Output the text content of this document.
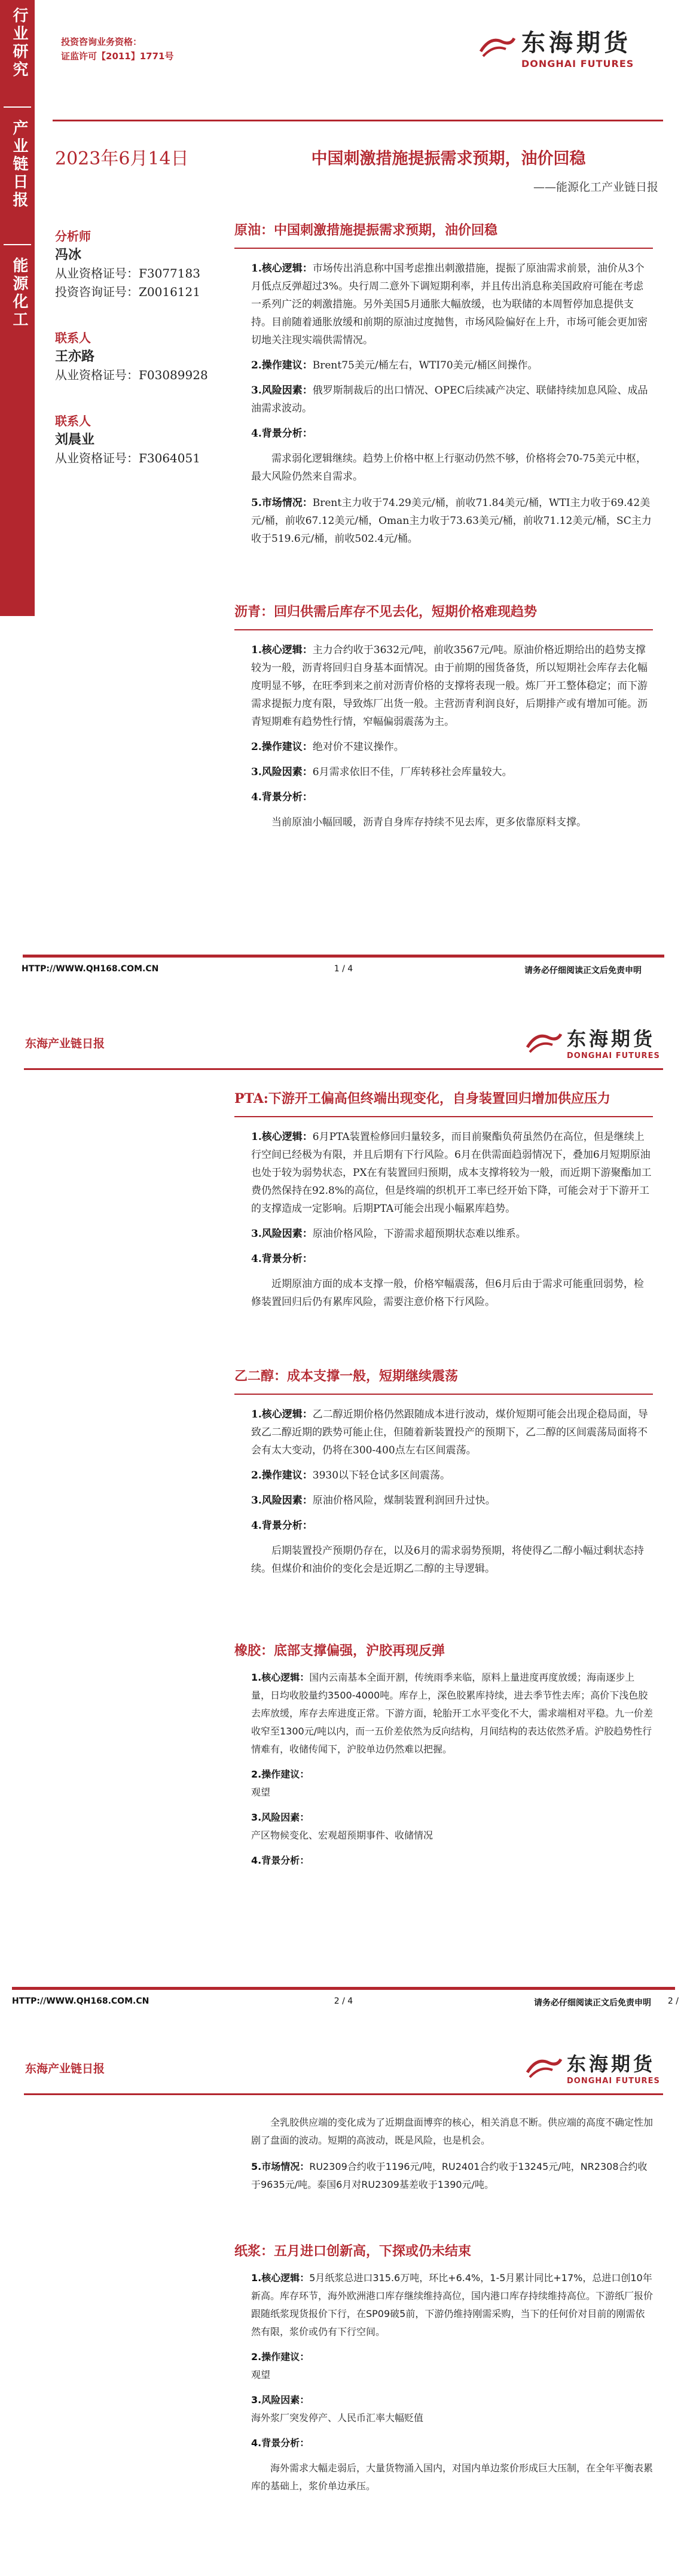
行业研究
产业链日报
能源化工
投资咨询业务资格：
证监许可【2011】1771号	东海期货
DONGHAI FUTURES
2023年6月14日	中国刺激措施提振需求预期，油价回稳
——能源化工产业链日报
分析师
冯冰
从业资格证号：F3077183
投资咨询证号：Z0016121
联系人
王亦路
从业资格证号：F03089928
联系人
刘晨业
从业资格证号：F3064051
原油：中国刺激措施提振需求预期，油价回稳
1.核心逻辑：市场传出消息称中国考虑推出刺激措施，提振了原油需求前景，油价从3个月低点反弹超过3%。央行周二意外下调短期利率，并且传出消息称美国政府可能在考虑一系列广泛的刺激措施。另外美国5月通胀大幅放缓，也为联储的本周暂停加息提供支持。目前随着通胀放缓和前期的原油过度抛售，市场风险偏好在上升，市场可能会更加密切地关注现实端供需情况。
2.操作建议：Brent75美元/桶左右，WTI70美元/桶区间操作。
3.风险因素：俄罗斯制裁后的出口情况、OPEC后续减产决定、联储持续加息风险、成品油需求波动。
4.背景分析：
需求弱化逻辑继续。趋势上价格中枢上行驱动仍然不够，价格将会70-75美元中枢，最大风险仍然来自需求。
5.市场情况：Brent主力收于74.29美元/桶，前收71.84美元/桶，WTI主力收于69.42美元/桶，前收67.12美元/桶，Oman主力收于73.63美元/桶，前收71.12美元/桶，SC主力收于519.6元/桶，前收502.4元/桶。
沥青：回归供需后库存不见去化，短期价格难现趋势
1.核心逻辑：主力合约收于3632元/吨，前收3567元/吨。原油价格近期给出的趋势支撑较为一般，沥青将回归自身基本面情况。由于前期的囤货备货，所以短期社会库存去化幅度明显不够，在旺季到来之前对沥青价格的支撑将表现一般。炼厂开工整体稳定；而下游需求提振力度有限，导致炼厂出货一般。主营沥青利润良好，后期排产或有增加可能。沥青短期难有趋势性行情，窄幅偏弱震荡为主。
2.操作建议：绝对价不建议操作。
3.风险因素：6月需求依旧不佳，厂库转移社会库量较大。
4.背景分析：
当前原油小幅回暖，沥青自身库存持续不见去库，更多依靠原料支撑。
HTTP://WWW.QH168.COM.CN	1 / 4	请务必仔细阅读正文后免责申明
东海产业链日报	东海期货
DONGHAI FUTURES
PTA:下游开工偏高但终端出现变化，自身装置回归增加供应压力
1.核心逻辑：6月PTA装置检修回归量较多，而目前聚酯负荷虽然仍在高位，但是继续上行空间已经极为有限，并且后期有下行风险。6月在供需面趋弱情况下，叠加6月短期原油也处于较为弱势状态，PX在有装置回归预期，成本支撑将较为一般，而近期下游聚酯加工费仍然保持在92.8%的高位，但是终端的织机开工率已经开始下降，可能会对于下游开工的支撑造成一定影响。后期PTA可能会出现小幅累库趋势。
3.风险因素：原油价格风险，下游需求超预期状态难以维系。
4.背景分析：
近期原油方面的成本支撑一般，价格窄幅震荡，但6月后由于需求可能重回弱势，检修装置回归后仍有累库风险，需要注意价格下行风险。
乙二醇：成本支撑一般，短期继续震荡
1.核心逻辑：乙二醇近期价格仍然跟随成本进行波动，煤价短期可能会出现企稳局面，导致乙二醇近期的跌势可能止住，但随着新装置投产的预期下，乙二醇的区间震荡局面将不会有太大变动，仍将在300-400点左右区间震荡。
2.操作建议：3930以下轻仓试多区间震荡。
3.风险因素：原油价格风险，煤制装置利润回升过快。
4.背景分析：
后期装置投产预期仍存在，以及6月的需求弱势预期，将使得乙二醇小幅过剩状态持续。但煤价和油价的变化会是近期乙二醇的主导逻辑。
橡胶：底部支撑偏强，沪胶再现反弹
1.核心逻辑：国内云南基本全面开割，传统雨季来临，原料上量进度再度放缓；海南逐步上量，日均收胶量约3500-4000吨。库存上，深色胶累库持续，进去季节性去库；高价下浅色胶去库放缓，库存去库进度正常。下游方面，轮胎开工水平变化不大，需求端相对平稳。九一价差收窄至1300元/吨以内，而一五价差依然为反向结构，月间结构的表达依然矛盾。沪胶趋势性行情难有，收储传闻下，沪胶单边仍然难以把握。
2.操作建议：
观望
3.风险因素：
产区物候变化、宏观超预期事件、收储情况
4.背景分析：
HTTP://WWW.QH168.COM.CN	2 / 4	请务必仔细阅读正文后免责申明 2 /
东海产业链日报	东海期货
DONGHAI FUTURES
全乳胶供应端的变化成为了近期盘面博弈的核心，相关消息不断。供应端的高度不确定性加剧了盘面的波动。短期的高波动，既是风险，也是机会。
5.市场情况：RU2309合约收于1196元/吨，RU2401合约收于13245元/吨，NR2308合约收于9635元/吨。泰国6月对RU2309基差收于1390元/吨。
纸浆：五月进口创新高，下探或仍未结束
1.核心逻辑：5月纸浆总进口315.6万吨，环比+6.4%，1-5月累计同比+17%，总进口创10年新高。库存环节，海外欧洲港口库存继续维持高位，国内港口库存持续维持高位。下游纸厂报价跟随纸浆现货报价下行，在SP09破5前，下游仍维持刚需采购，当下的任何价对目前的刚需依然有限，浆价或仍有下行空间。
2.操作建议：
观望
3.风险因素：
海外浆厂突发停产、人民币汇率大幅贬值
4.背景分析：
海外需求大幅走弱后，大量货物涌入国内，对国内单边浆价形成巨大压制，在全年平衡表累库的基础上，浆价单边承压。
